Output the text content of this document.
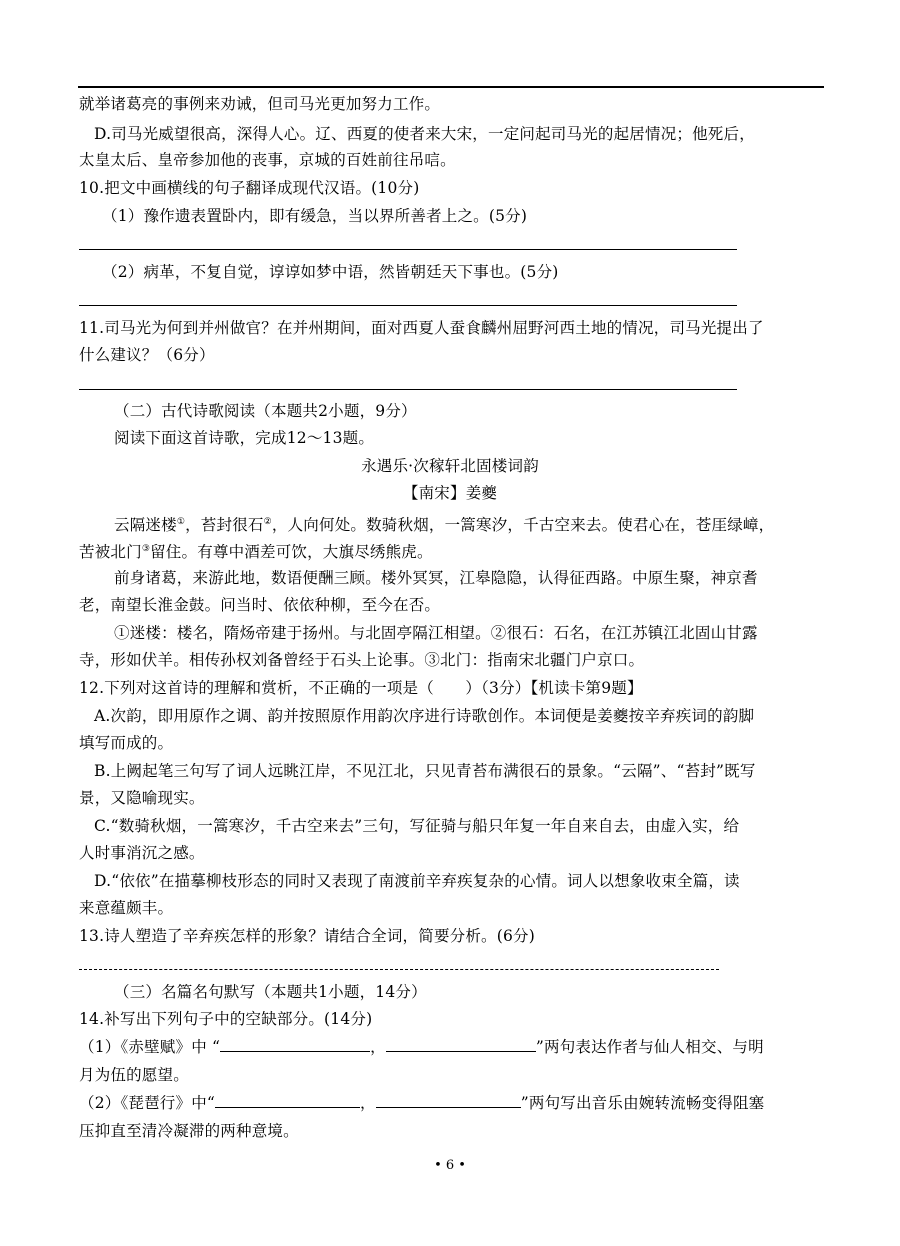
就举诸葛亮的事例来劝诫，但司马光更加努力工作。
D.司马光威望很高，深得人心。辽、西夏的使者来大宋，一定问起司马光的起居情况；他死后，
太皇太后、皇帝参加他的丧事，京城的百姓前往吊唁。
10.把文中画横线的句子翻译成现代汉语。(10分)
（1）豫作遗表置卧内，即有缓急，当以界所善者上之。(5分)
（2）病革，不复自觉，谆谆如梦中语，然皆朝廷天下事也。(5分)
11.司马光为何到并州做官？在并州期间，面对西夏人蚕食麟州屈野河西土地的情况，司马光提出了
什么建议？（6分）
（二）古代诗歌阅读（本题共2小题，9分）
阅读下面这首诗歌，完成12～13题。
永遇乐·次稼轩北固楼词韵
【南宋】姜夔
云隔迷楼①，苔封很石②，人向何处。数骑秋烟，一篙寒汐，千古空来去。使君心在，苍厓绿嶂，
苦被北门③留住。有尊中酒差可饮，大旗尽绣熊虎。
前身诸葛，来游此地，数语便酬三顾。楼外冥冥，江皋隐隐，认得征西路。中原生聚，神京耆
老，南望长淮金鼓。问当时、依依种柳，至今在否。
①迷楼：楼名，隋炀帝建于扬州。与北固亭隔江相望。②很石：石名，在江苏镇江北固山甘露
寺，形如伏羊。相传孙权刘备曾经于石头上论事。③北门：指南宋北疆门户京口。
12.下列对这首诗的理解和赏析，不正确的一项是（　　）（3分）【机读卡第9题】
A.次韵，即用原作之调、韵并按照原作用韵次序进行诗歌创作。本词便是姜夔按辛弃疾词的韵脚
填写而成的。
B.上阙起笔三句写了词人远眺江岸，不见江北，只见青苔布满很石的景象。“云隔”、“苔封”既写
景，又隐喻现实。
C.“数骑秋烟，一篙寒汐，千古空来去”三句，写征骑与船只年复一年自来自去，由虚入实，给
人时事消沉之感。
D.“依依”在描摹柳枝形态的同时又表现了南渡前辛弃疾复杂的心情。词人以想象收束全篇，读
来意蕴颇丰。
13.诗人塑造了辛弃疾怎样的形象？请结合全词，简要分析。(6分)
（三）名篇名句默写（本题共1小题，14分）
14.补写出下列句子中的空缺部分。(14分)
（1）《赤壁赋》中 “	，	”两句表达作者与仙人相交、与明
月为伍的愿望。
（2）《琵琶行》中“	，	”两句写出音乐由婉转流畅变得阻塞
压抑直至清冷凝滞的两种意境。
• 6 •
